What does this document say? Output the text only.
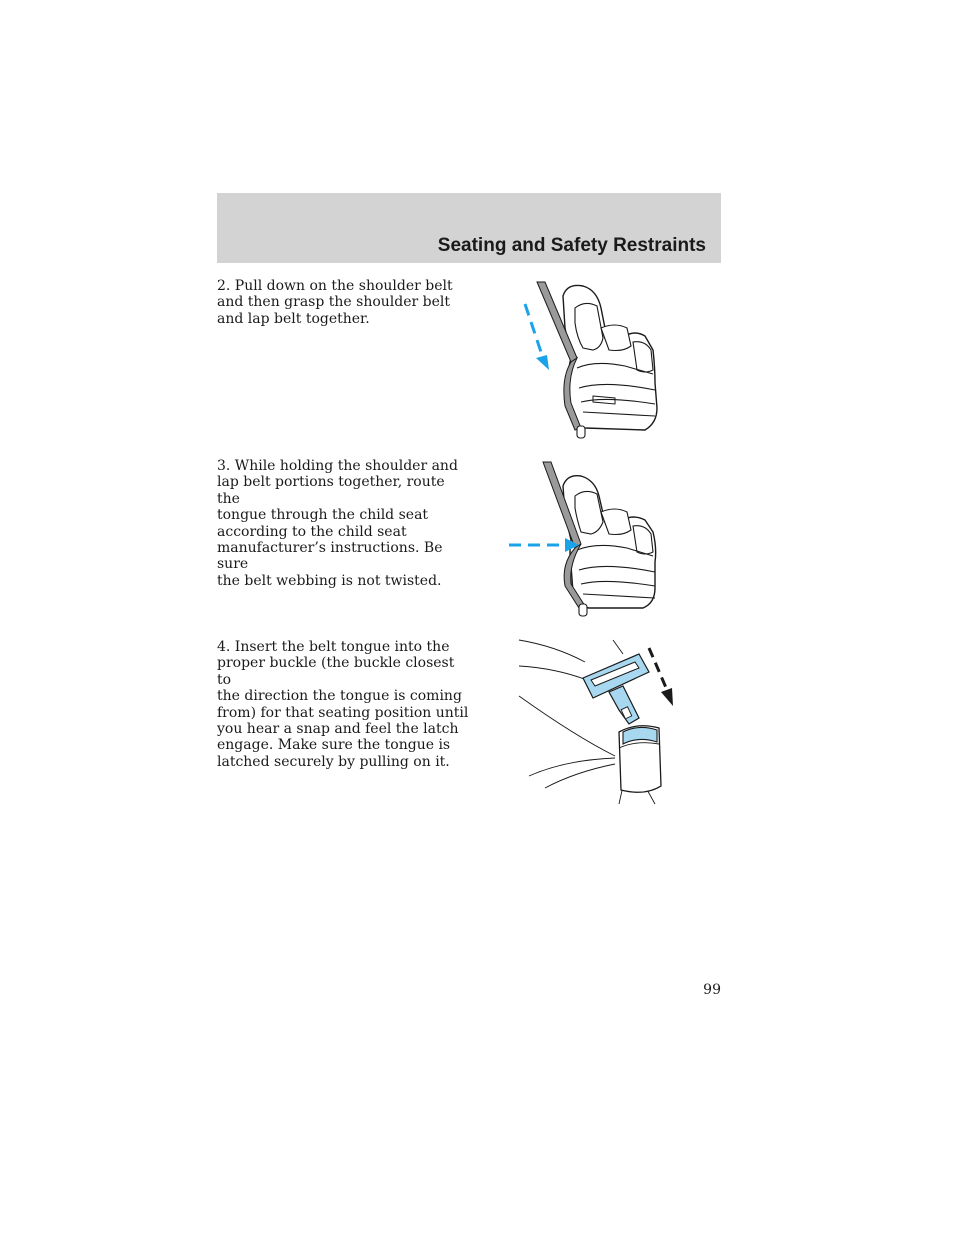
Seating and Safety Restraints
2. Pull down on the shoulder belt
and then grasp the shoulder belt
and lap belt together.
3. While holding the shoulder and
lap belt portions together, route the
tongue through the child seat
according to the child seat
manufacturer’s instructions. Be sure
the belt webbing is not twisted.
4. Insert the belt tongue into the
proper buckle (the buckle closest to
the direction the tongue is coming
from) for that seating position until
you hear a snap and feel the latch
engage. Make sure the tongue is
latched securely by pulling on it.
99
